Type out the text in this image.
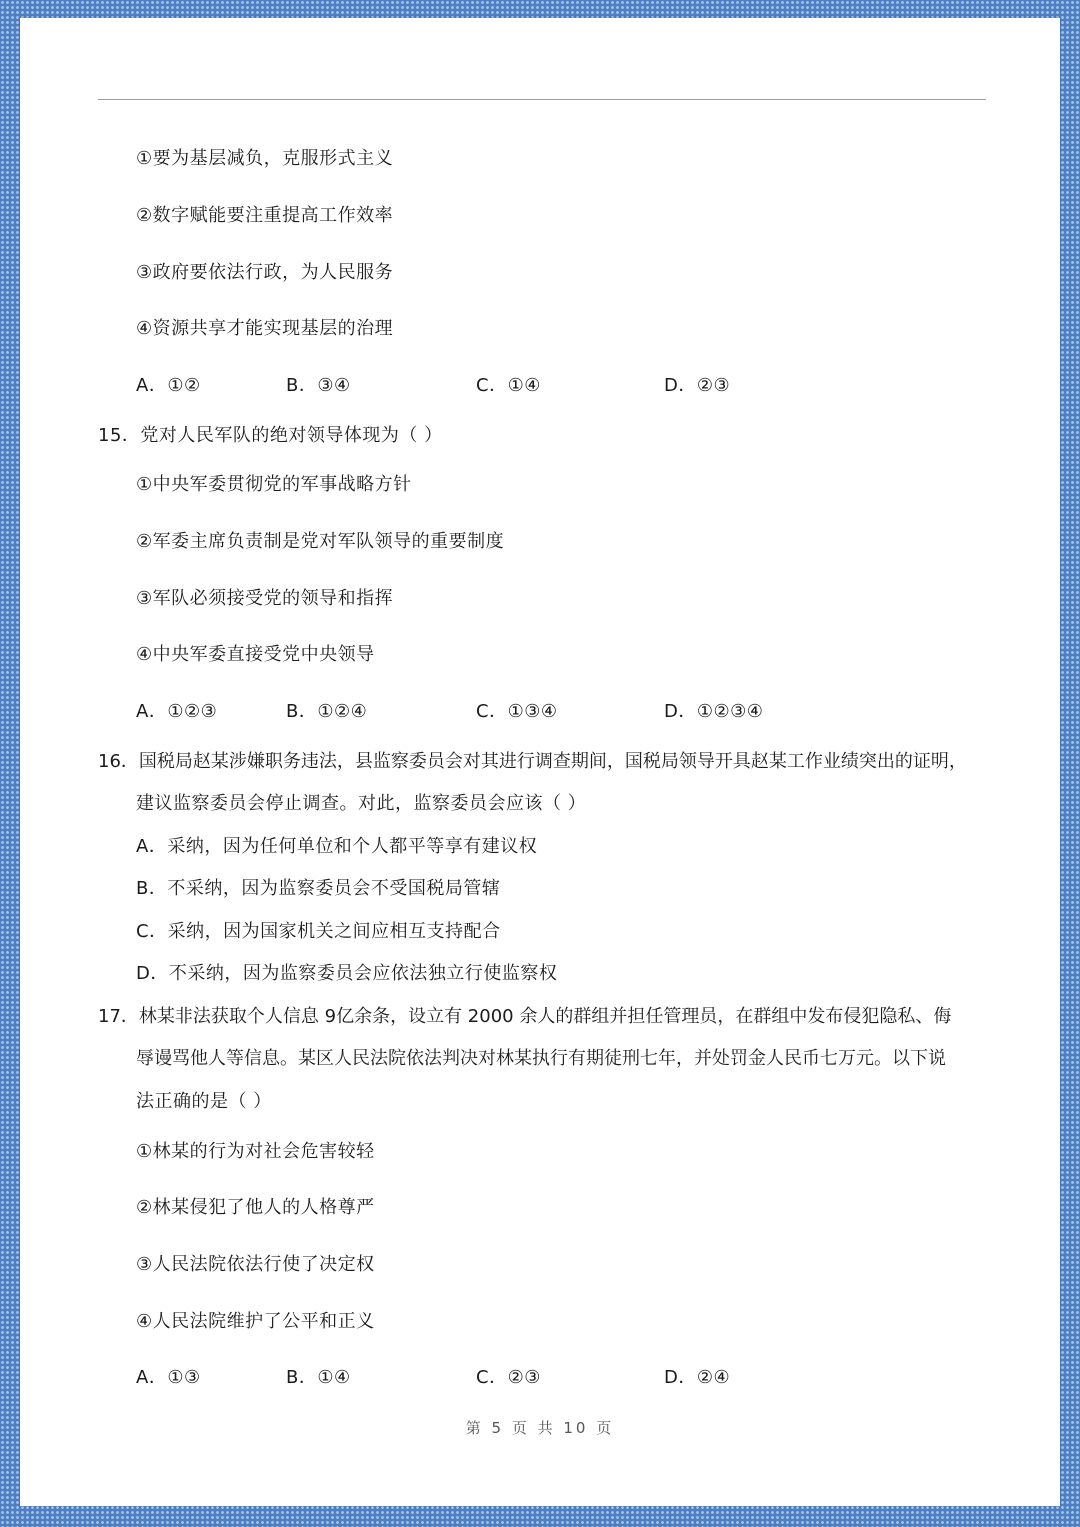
①要为基层减负，克服形式主义
②数字赋能要注重提高工作效率
③政府要依法行政，为人民服务
④资源共享才能实现基层的治理
A．①②	B．③④	C．①④	D．②③
15．党对人民军队的绝对领导体现为（ ）
①中央军委贯彻党的军事战略方针
②军委主席负责制是党对军队领导的重要制度
③军队必须接受党的领导和指挥
④中央军委直接受党中央领导
A．①②③	B．①②④	C．①③④	D．①②③④
16．国税局赵某涉嫌职务违法，县监察委员会对其进行调查期间，国税局领导开具赵某工作业绩突出的证明，
建议监察委员会停止调查。对此，监察委员会应该（ ）
A．采纳，因为任何单位和个人都平等享有建议权
B．不采纳，因为监察委员会不受国税局管辖
C．采纳，因为国家机关之间应相互支持配合
D．不采纳，因为监察委员会应依法独立行使监察权
17．林某非法获取个人信息 9亿余条，设立有 2000 余人的群组并担任管理员，在群组中发布侵犯隐私、侮
辱谩骂他人等信息。某区人民法院依法判决对林某执行有期徒刑七年，并处罚金人民币七万元。以下说
法正确的是（ ）
①林某的行为对社会危害较轻
②林某侵犯了他人的人格尊严
③人民法院依法行使了决定权
④人民法院维护了公平和正义
A．①③	B．①④	C．②③	D．②④
第 5 页 共 10 页
